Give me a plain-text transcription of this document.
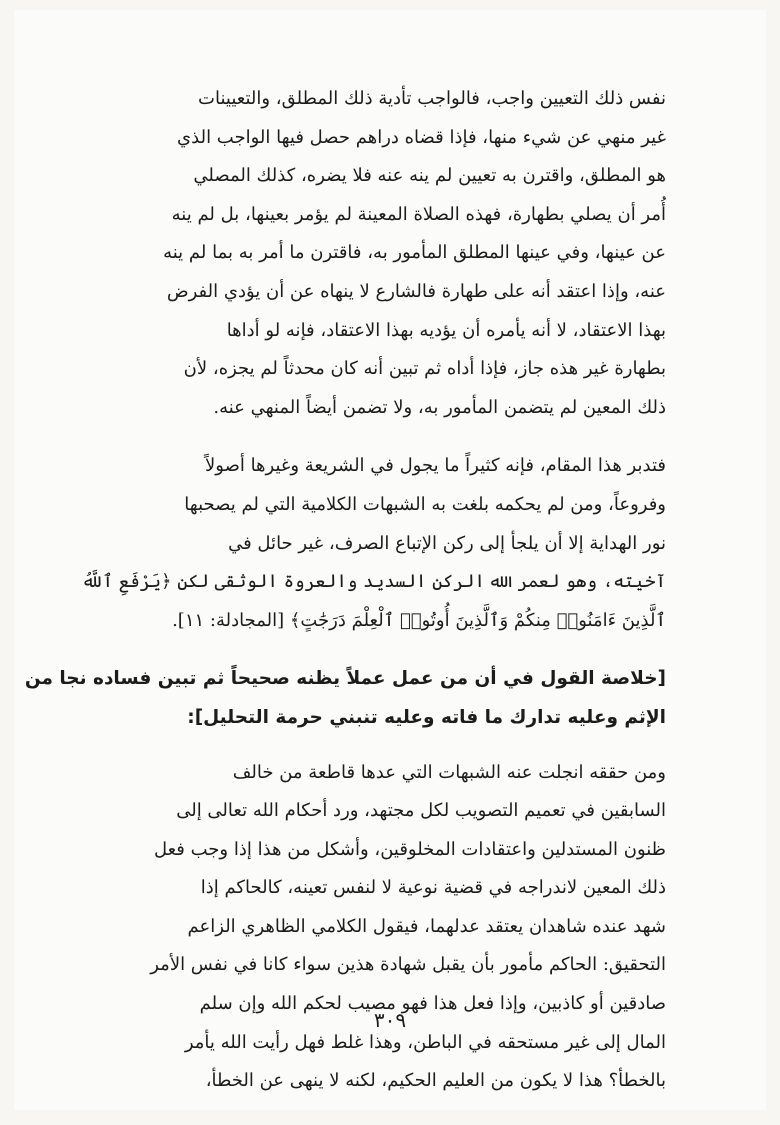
نفس ذلك التعيين واجب، فالواجب تأدية ذلك المطلق، والتعيينات
غير منهي عن شيء منها، فإذا قضاه دراهم حصل فيها الواجب الذي
هو المطلق، واقترن به تعيين لم ينه عنه فلا يضره، كذلك المصلي
أُمر أن يصلي بطهارة، فهذه الصلاة المعينة لم يؤمر بعينها، بل لم ينه
عن عينها، وفي عينها المطلق المأمور به، فاقترن ما أمر به بما لم ينه
عنه، وإذا اعتقد أنه على طهارة فالشارع لا ينهاه عن أن يؤدي الفرض
بهذا الاعتقاد، لا أنه يأمره أن يؤديه بهذا الاعتقاد، فإنه لو أداها
بطهارة غير هذه جاز، فإذا أداه ثم تبين أنه كان محدثاً لم يجزه، لأن
ذلك المعين لم يتضمن المأمور به، ولا تضمن أيضاً المنهي عنه.
فتدبر هذا المقام، فإنه كثيراً ما يجول في الشريعة وغيرها أصولاً
وفروعاً، ومن لم يحكمه بلغت به الشبهات الكلامية التي لم يصحبها
نور الهداية إلا أن يلجأ إلى ركن الإتباع الصرف، غير حائل في
آخيته، وهو لعمر الله الركن السديد والعروة الوثقى لكن ﴿يَرْفَعِ ٱللَّهُ
ٱلَّذِينَ ءَامَنُوا۟ مِنكُمْ وَٱلَّذِينَ أُوتُوا۟ ٱلْعِلْمَ دَرَجَٰتٍ﴾ [المجادلة: ١١].
[خلاصة القول في أن من عمل عملاً يظنه صحيحاً ثم تبين فساده نجا من
الإثم وعليه تدارك ما فاته وعليه تنبني حرمة التحليل]:
ومن حققه انجلت عنه الشبهات التي عدها قاطعة من خالف
السابقين في تعميم التصويب لكل مجتهد، ورد أحكام الله تعالى إلى
ظنون المستدلين واعتقادات المخلوقين، وأشكل من هذا إذا وجب فعل
ذلك المعين لاندراجه في قضية نوعية لا لنفس تعينه، كالحاكم إذا
شهد عنده شاهدان يعتقد عدلهما، فيقول الكلامي الظاهري الزاعم
التحقيق: الحاكم مأمور بأن يقبل شهادة هذين سواء كانا في نفس الأمر
صادقين أو كاذبين، وإذا فعل هذا فهو مصيب لحكم الله وإن سلم
المال إلى غير مستحقه في الباطن، وهذا غلط فهل رأيت الله يأمر
بالخطأ؟ هذا لا يكون من العليم الحكيم، لكنه لا ينهى عن الخطأ،
٣٠٩
